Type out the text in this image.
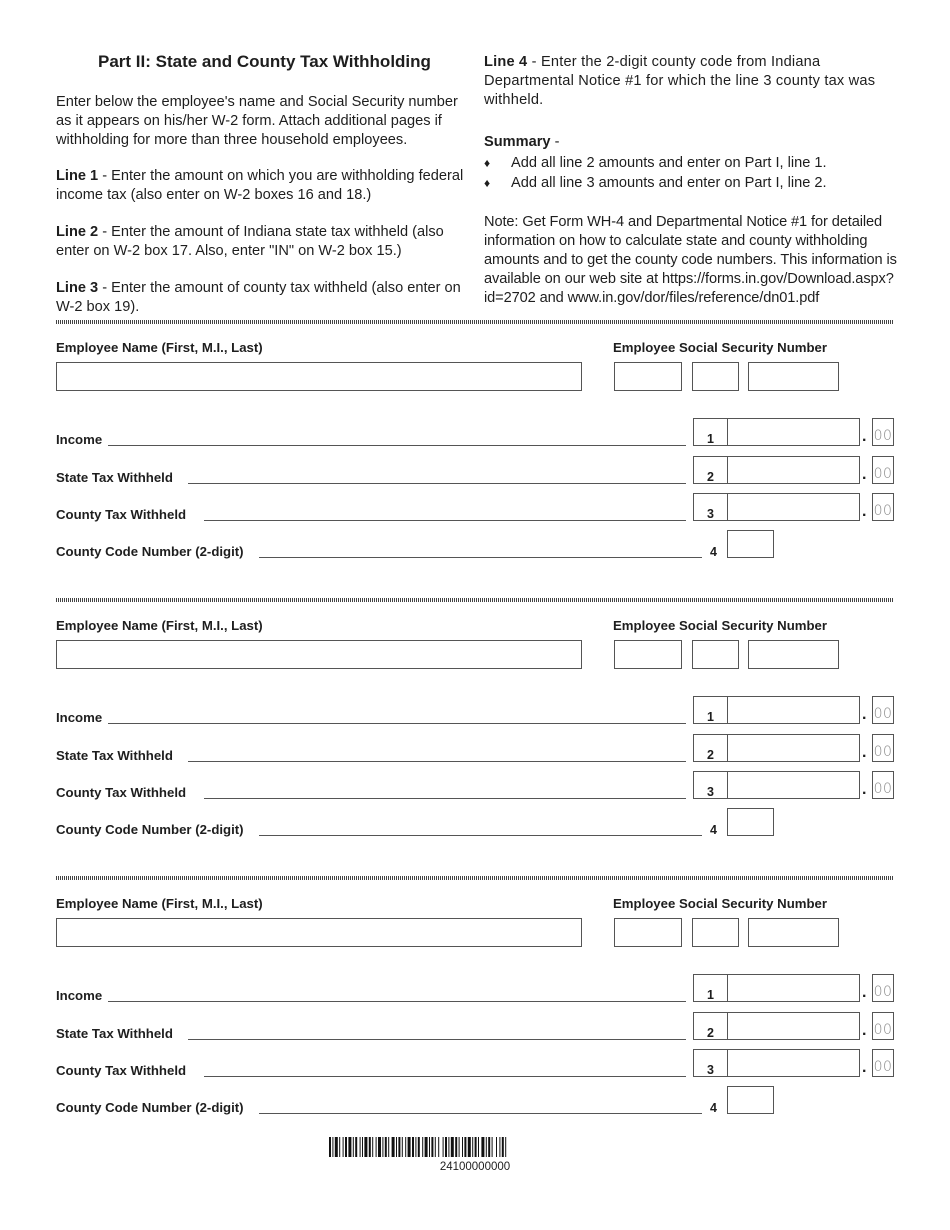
Part II: State and County Tax Withholding
Enter below the employee's name and Social Security number as it appears on his/her W-2 form. Attach additional pages if withholding for more than three household employees.
Line 1 - Enter the amount on which you are withholding federal income tax (also enter on W-2 boxes 16 and 18.)
Line 2 - Enter the amount of Indiana state tax withheld (also enter on W-2 box 17. Also, enter "IN" on W-2 box 15.)
Line 3 - Enter the amount of county tax withheld (also enter on W-2 box 19).
Line 4 - Enter the 2-digit county code from Indiana Departmental Notice #1 for which the line 3 county tax was withheld.
Summary -
♦ Add all line 2 amounts and enter on Part I, line 1.
♦ Add all line 3 amounts and enter on Part I, line 2.
Note: Get Form WH-4 and Departmental Notice #1 for detailed information on how to calculate state and county withholding amounts and to get the county code numbers. This information is available on our web site at https://forms.in.gov/Download.aspx?id=2702 and www.in.gov/dor/files/reference/dn01.pdf
Employee Name (First, M.I., Last)	Employee Social Security Number
Income	1	. 00
State Tax Withheld	2	. 00
County Tax Withheld	3	. 00
County Code Number (2-digit)	4
Employee Name (First, M.I., Last)	Employee Social Security Number
Income	1	. 00
State Tax Withheld	2	. 00
County Tax Withheld	3	. 00
County Code Number (2-digit)	4
Employee Name (First, M.I., Last)	Employee Social Security Number
Income	1	. 00
State Tax Withheld	2	. 00
County Tax Withheld	3	. 00
County Code Number (2-digit)	4
24100000000
